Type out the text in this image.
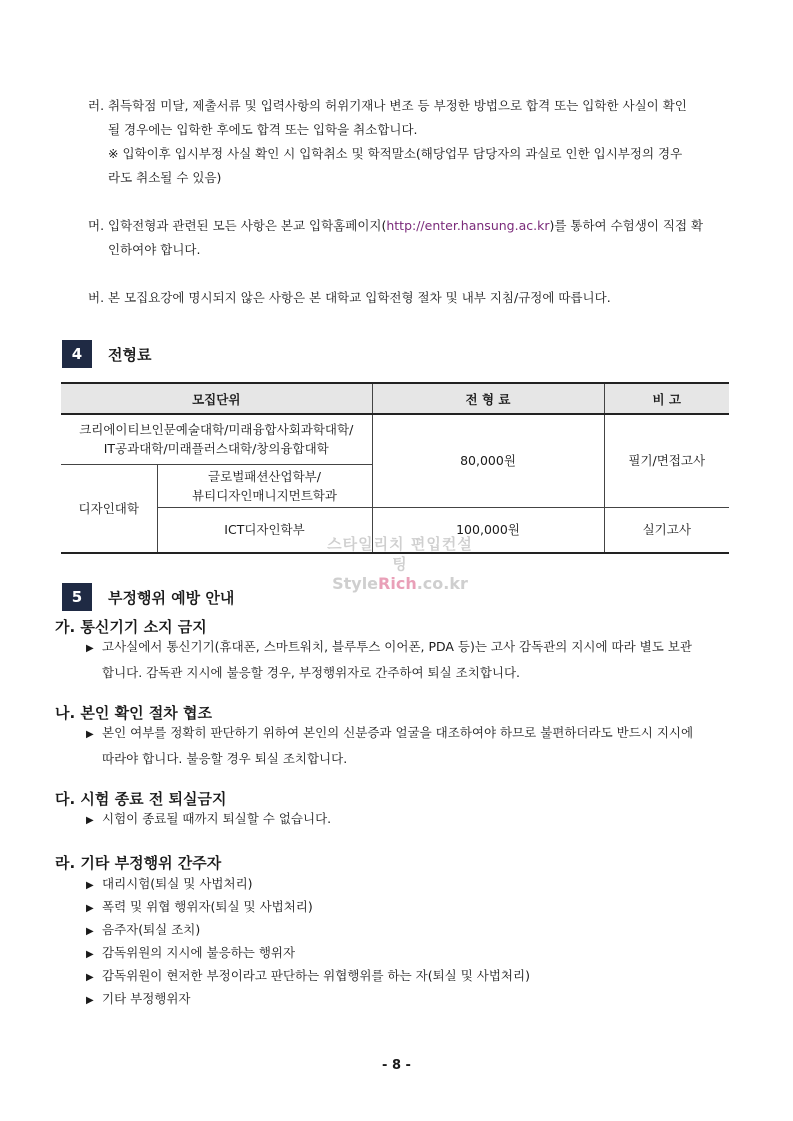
러. 취득학점 미달, 제출서류 및 입력사항의 허위기재나 변조 등 부정한 방법으로 합격 또는 입학한 사실이 확인
될 경우에는 입학한 후에도 합격 또는 입학을 취소합니다.
※ 입학이후 입시부정 사실 확인 시 입학취소 및 학적말소(해당업무 담당자의 과실로 인한 입시부정의 경우
라도 취소될 수 있음)
머. 입학전형과 관련된 모든 사항은 본교 입학홈페이지(http://enter.hansung.ac.kr)를 통하여 수험생이 직접 확
인하여야 합니다.
버. 본 모집요강에 명시되지 않은 사항은 본 대학교 입학전형 절차 및 내부 지침/규정에 따릅니다.
4	전형료
모집단위		전 형 료	비 고

크리에이티브인문예술대학/미래융합사회과학대학/
IT공과대학/미래플러스대학/창의융합대학		80,000원	필기/면접고사
디자인대학	글로벌패션산업학부/
뷰티디자인매니지먼트학과		

	ICT디자인학부	100,000원	실기고사
스타일리치 편입컨설팅
StyleRich.co.kr
5	부정행위 예방 안내
가. 통신기기 소지 금지
▶ 고사실에서 통신기기(휴대폰, 스마트워치, 블루투스 이어폰, PDA 등)는 고사 감독관의 지시에 따라 별도 보관
합니다. 감독관 지시에 불응할 경우, 부정행위자로 간주하여 퇴실 조치합니다.
나. 본인 확인 절차 협조
▶ 본인 여부를 정확히 판단하기 위하여 본인의 신분증과 얼굴을 대조하여야 하므로 불편하더라도 반드시 지시에
따라야 합니다. 불응할 경우 퇴실 조치합니다.
다. 시험 종료 전 퇴실금지
▶ 시험이 종료될 때까지 퇴실할 수 없습니다.
라. 기타 부정행위 간주자
▶ 대리시험(퇴실 및 사법처리)
▶ 폭력 및 위협 행위자(퇴실 및 사법처리)
▶ 음주자(퇴실 조치)
▶ 감독위원의 지시에 불응하는 행위자
▶ 감독위원이 현저한 부정이라고 판단하는 위협행위를 하는 자(퇴실 및 사법처리)
▶ 기타 부정행위자
- 8 -
